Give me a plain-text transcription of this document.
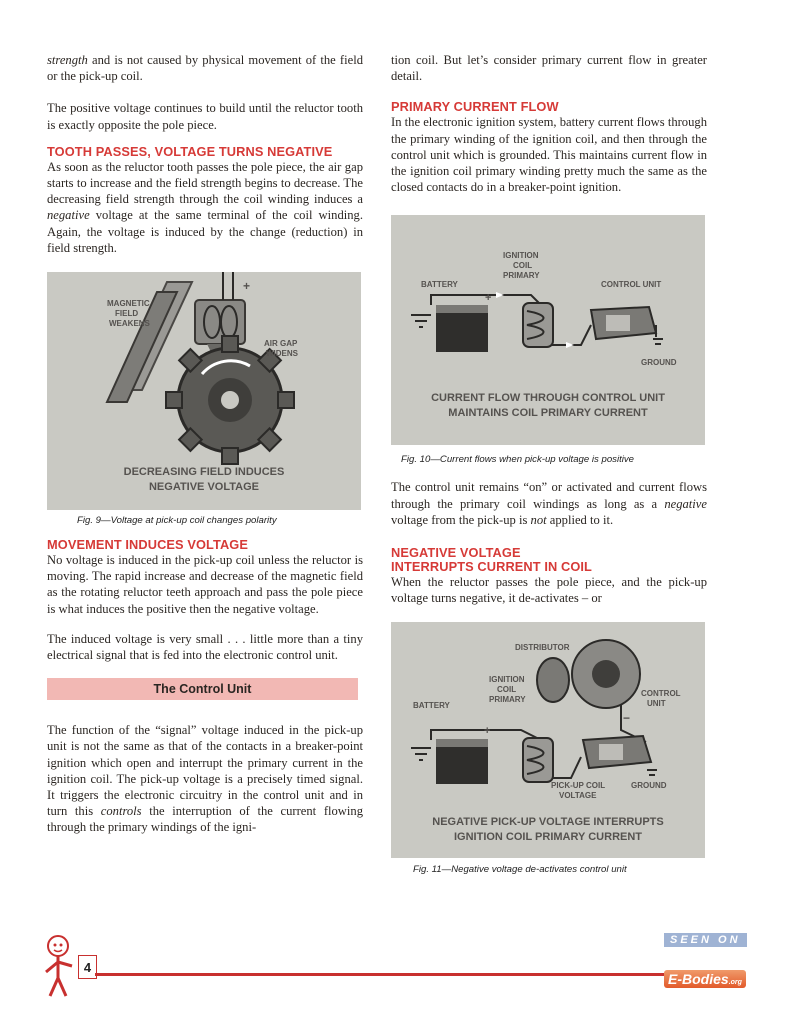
strength and is not caused by physical movement of the field or the pick-up coil.

The positive voltage continues to build until the reluctor tooth is exactly opposite the pole piece.

TOOTH PASSES, VOLTAGE TURNS NEGATIVE

As soon as the reluctor tooth passes the pole piece, the air gap starts to increase and the field strength begins to decrease. The decreasing field strength through the coil winding induces a negative voltage at the same terminal of the coil winding. Again, the voltage is induced by the change (reduction) in field strength.

MAGNETIC
FIELD
WEAKENS
AIR GAP
WIDENS
+
DECREASING FIELD INDUCES
NEGATIVE VOLTAGE
Fig. 9—Voltage at pick-up coil changes polarity
MOVEMENT INDUCES VOLTAGE

No voltage is induced in the pick-up coil unless the reluctor is moving. The rapid increase and decrease of the magnetic field as the rotating reluctor teeth approach and pass the pole piece is what induces the positive then the negative voltage.

The induced voltage is very small . . . little more than a tiny electrical signal that is fed into the electronic control unit.

The Control Unit

The function of the “signal” voltage induced in the pick-up unit is not the same as that of the contacts in a breaker-point ignition which open and interrupt the primary current in the ignition coil. The pick-up voltage is a precisely timed signal. It triggers the electronic circuitry in the control unit and in turn this controls the interruption of the current flowing through the primary windings of the igni-

tion coil. But let’s consider primary current flow in greater detail.

PRIMARY CURRENT FLOW

In the electronic ignition system, battery current flows through the primary winding of the ignition coil, and then through the control unit which is grounded. This maintains current flow in the ignition coil primary winding pretty much the same as the closed contacts do in a breaker-point ignition.

BATTERY
IGNITION
COIL
PRIMARY
CONTROL UNIT
GROUND
+
CURRENT FLOW THROUGH CONTROL UNIT
MAINTAINS COIL PRIMARY CURRENT
Fig. 10—Current flows when pick-up voltage is positive

The control unit remains “on” or activated and current flows through the primary coil windings as long as a negative voltage from the pick-up is not applied to it.

NEGATIVE VOLTAGE
INTERRUPTS CURRENT IN COIL

When the reluctor passes the pole piece, and the pick-up voltage turns negative, it de-activates – or

DISTRIBUTOR
BATTERY
IGNITION
COIL
PRIMARY
CONTROL
UNIT
PICK-UP COIL
VOLTAGE
GROUND
+
−
NEGATIVE PICK-UP VOLTAGE INTERRUPTS
IGNITION COIL PRIMARY CURRENT
Fig. 11—Negative voltage de-activates control unit
4
SEEN ON
E-Bodies.org
